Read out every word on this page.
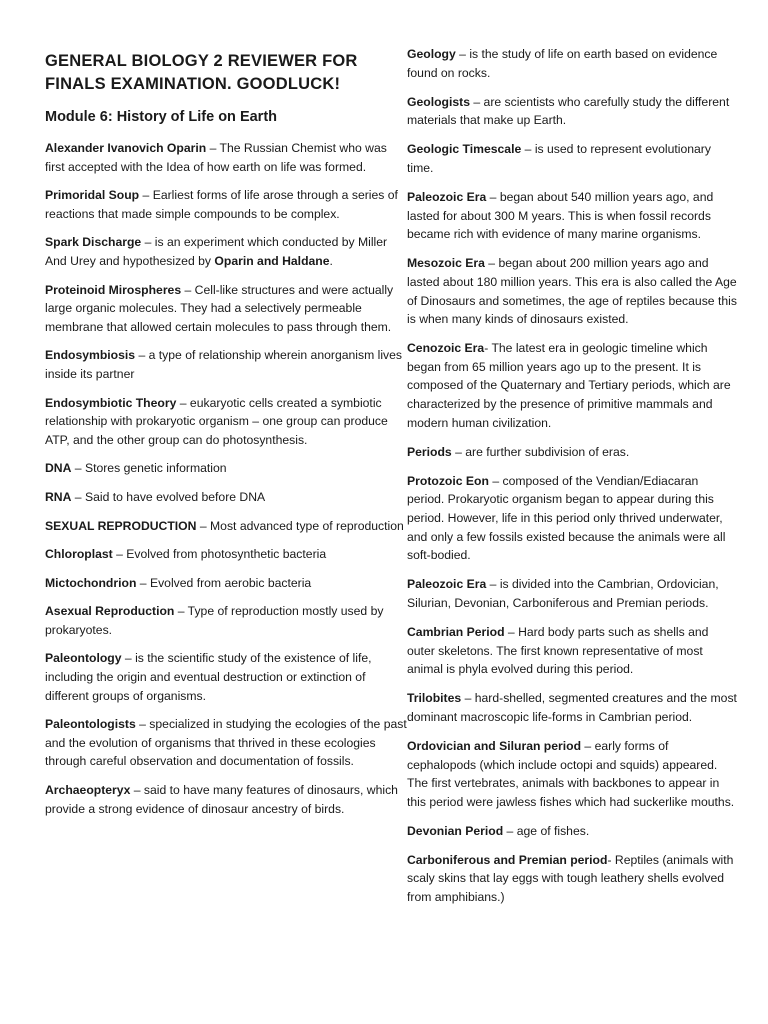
GENERAL BIOLOGY 2 REVIEWER FOR FINALS EXAMINATION. GOODLUCK!
Module 6: History of Life on Earth

Alexander Ivanovich Oparin – The Russian Chemist who was first accepted with the Idea of how earth on life was formed.

Primoridal Soup – Earliest forms of life arose through a series of reactions that made simple compounds to be complex.

Spark Discharge – is an experiment which conducted by Miller And Urey and hypothesized by Oparin and Haldane.

Proteinoid Mirospheres – Cell-like structures and were actually large organic molecules. They had a selectively permeable membrane that allowed certain molecules to pass through them.

Endosymbiosis – a type of relationship wherein anorganism lives inside its partner

Endosymbiotic Theory – eukaryotic cells created a symbiotic relationship with prokaryotic organism – one group can produce ATP, and the other group can do photosynthesis.

DNA – Stores genetic information

RNA – Said to have evolved before DNA

SEXUAL REPRODUCTION – Most advanced type of reproduction

Chloroplast – Evolved from photosynthetic bacteria

Mictochondrion – Evolved from aerobic bacteria

Asexual Reproduction – Type of reproduction mostly used by prokaryotes.

Paleontology – is the scientific study of the existence of life, including the origin and eventual destruction or extinction of different groups of organisms.

Paleontologists – specialized in studying the ecologies of the past and the evolution of organisms that thrived in these ecologies through careful observation and documentation of fossils.

Archaeopteryx – said to have many features of dinosaurs, which provide a strong evidence of dinosaur ancestry of birds.

Geology – is the study of life on earth based on evidence found on rocks.

Geologists – are scientists who carefully study the different materials that make up Earth.

Geologic Timescale – is used to represent evolutionary time.

Paleozoic Era – began about 540 million years ago, and lasted for about 300 M years. This is when fossil records became rich with evidence of many marine organisms.

Mesozoic Era – began about 200 million years ago and lasted about 180 million years. This era is also called the Age of Dinosaurs and sometimes, the age of reptiles because this is when many kinds of dinosaurs existed.

Cenozoic Era- The latest era in geologic timeline which began from 65 million years ago up to the present. It is composed of the Quaternary and Tertiary periods, which are characterized by the presence of primitive mammals and modern human civilization.

Periods – are further subdivision of eras.

Protozoic Eon – composed of the Vendian/Ediacaran period. Prokaryotic organism began to appear during this period. However, life in this period only thrived underwater, and only a few fossils existed because the animals were all soft-bodied.

Paleozoic Era – is divided into the Cambrian, Ordovician, Silurian, Devonian, Carboniferous and Premian periods.

Cambrian Period – Hard body parts such as shells and outer skeletons. The first known representative of most animal is phyla evolved during this period.

Trilobites – hard-shelled, segmented creatures and the most dominant macroscopic life-forms in Cambrian period.

Ordovician and Siluran period – early forms of cephalopods (which include octopi and squids) appeared. The first vertebrates, animals with backbones to appear in this period were jawless fishes which had suckerlike mouths.

Devonian Period – age of fishes.

Carboniferous and Premian period- Reptiles (animals with scaly skins that lay eggs with tough leathery shells evolved from amphibians.)
